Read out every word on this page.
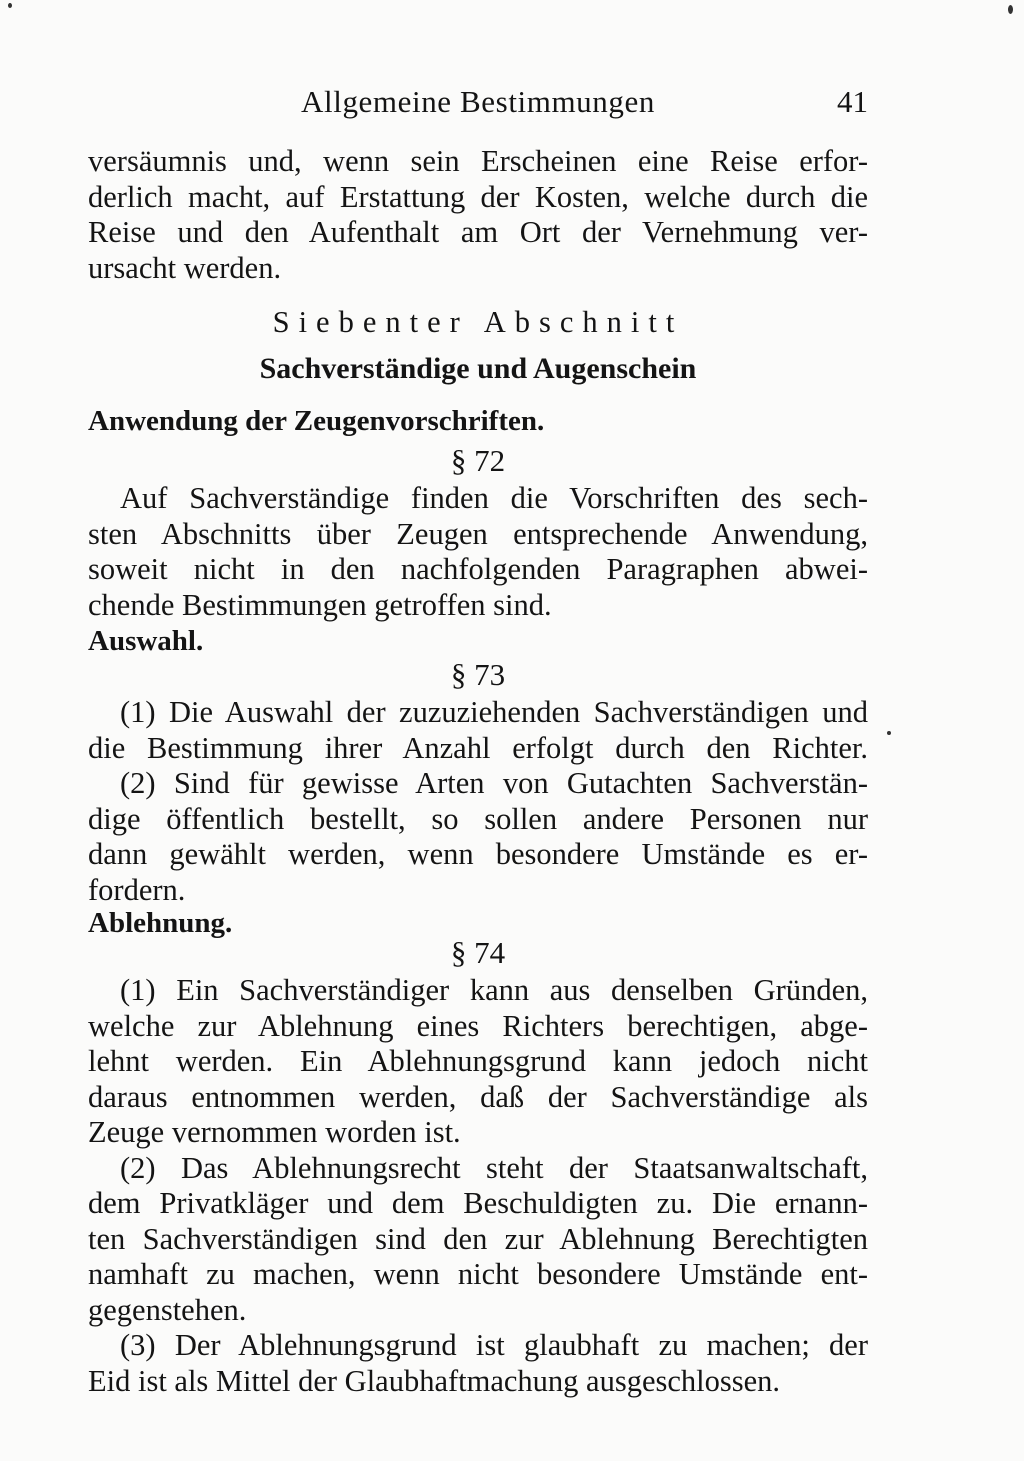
Allgemeine Bestimmungen	41
versäumnis und, wenn sein Erscheinen eine Reise erfor-
derlich macht, auf Erstattung der Kosten, welche durch die
Reise und den Aufenthalt am Ort der Vernehmung ver-
ursacht werden.
Siebenter Abschnitt
Sachverständige und Augenschein
Anwendung der Zeugenvorschriften.
§ 72
Auf Sachverständige finden die Vorschriften des sech-
sten Abschnitts über Zeugen entsprechende Anwendung,
soweit nicht in den nachfolgenden Paragraphen abwei-
chende Bestimmungen getroffen sind.
Auswahl.
§ 73
(1) Die Auswahl der zuzuziehenden Sachverständigen und
die Bestimmung ihrer Anzahl erfolgt durch den Richter.
(2) Sind für gewisse Arten von Gutachten Sachverstän-
dige öffentlich bestellt, so sollen andere Personen nur
dann gewählt werden, wenn besondere Umstände es er-
fordern.
Ablehnung.
§ 74
(1) Ein Sachverständiger kann aus denselben Gründen,
welche zur Ablehnung eines Richters berechtigen, abge-
lehnt werden. Ein Ablehnungsgrund kann jedoch nicht
daraus entnommen werden, daß der Sachverständige als
Zeuge vernommen worden ist.
(2) Das Ablehnungsrecht steht der Staatsanwaltschaft,
dem Privatkläger und dem Beschuldigten zu. Die ernann-
ten Sachverständigen sind den zur Ablehnung Berechtigten
namhaft zu machen, wenn nicht besondere Umstände ent-
gegenstehen.
(3) Der Ablehnungsgrund ist glaubhaft zu machen; der
Eid ist als Mittel der Glaubhaftmachung ausgeschlossen.
